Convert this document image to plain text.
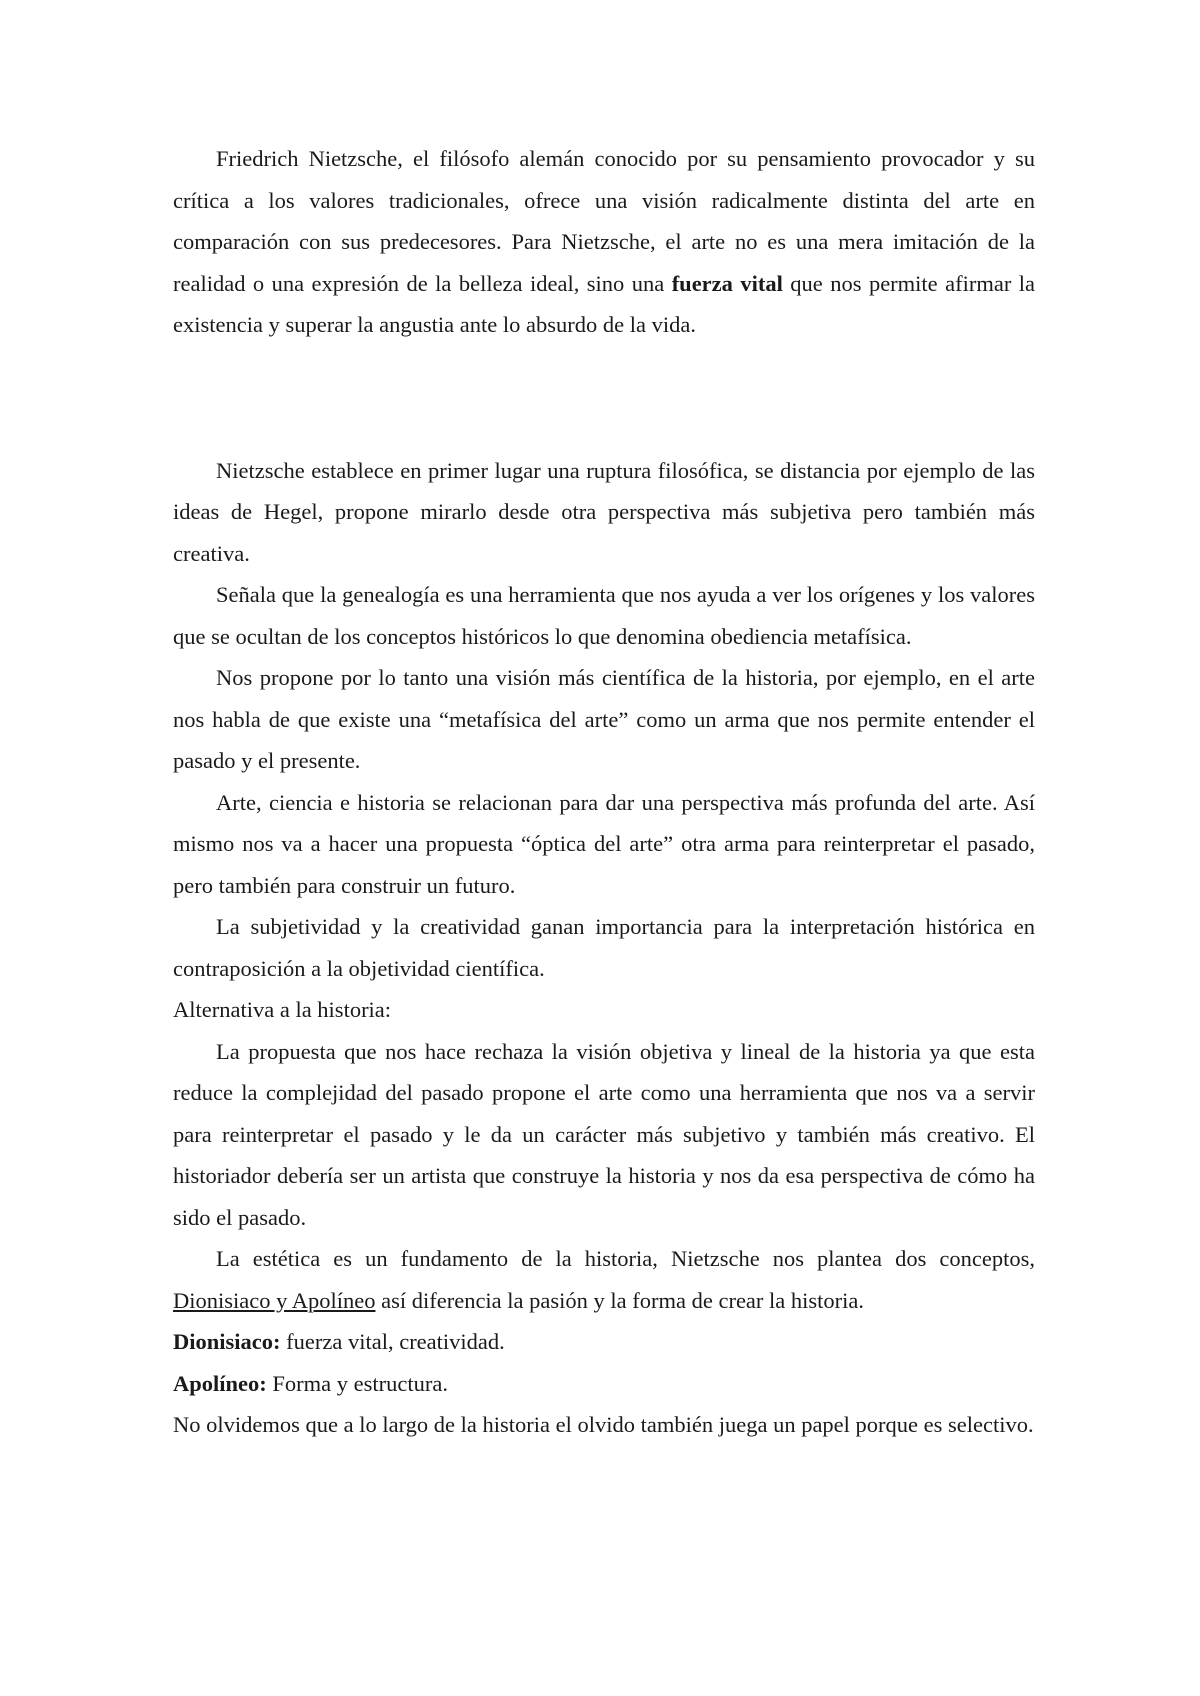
Friedrich Nietzsche, el filósofo alemán conocido por su pensamiento provocador y su crítica a los valores tradicionales, ofrece una visión radicalmente distinta del arte en comparación con sus predecesores. Para Nietzsche, el arte no es una mera imitación de la realidad o una expresión de la belleza ideal, sino una fuerza vital que nos permite afirmar la existencia y superar la angustia ante lo absurdo de la vida.

Nietzsche establece en primer lugar una ruptura filosófica, se distancia por ejemplo de las ideas de Hegel, propone mirarlo desde otra perspectiva más subjetiva pero también más creativa.

Señala que la genealogía es una herramienta que nos ayuda a ver los orígenes y los valores que se ocultan de los conceptos históricos lo que denomina obediencia metafísica.

Nos propone por lo tanto una visión más científica de la historia, por ejemplo, en el arte nos habla de que existe una “metafísica del arte” como un arma que nos permite entender el pasado y el presente.

Arte, ciencia e historia se relacionan para dar una perspectiva más profunda del arte. Así mismo nos va a hacer una propuesta “óptica del arte” otra arma para reinterpretar el pasado, pero también para construir un futuro.

La subjetividad y la creatividad ganan importancia para la interpretación histórica en contraposición a la objetividad científica.

Alternativa a la historia:

La propuesta que nos hace rechaza la visión objetiva y lineal de la historia ya que esta reduce la complejidad del pasado propone el arte como una herramienta que nos va a servir para reinterpretar el pasado y le da un carácter más subjetivo y también más creativo. El historiador debería ser un artista que construye la historia y nos da esa perspectiva de cómo ha sido el pasado.

La estética es un fundamento de la historia, Nietzsche nos plantea dos conceptos, Dionisiaco y Apolíneo así diferencia la pasión y la forma de crear la historia.

Dionisiaco: fuerza vital, creatividad.

Apolíneo: Forma y estructura.

No olvidemos que a lo largo de la historia el olvido también juega un papel porque es selectivo.
